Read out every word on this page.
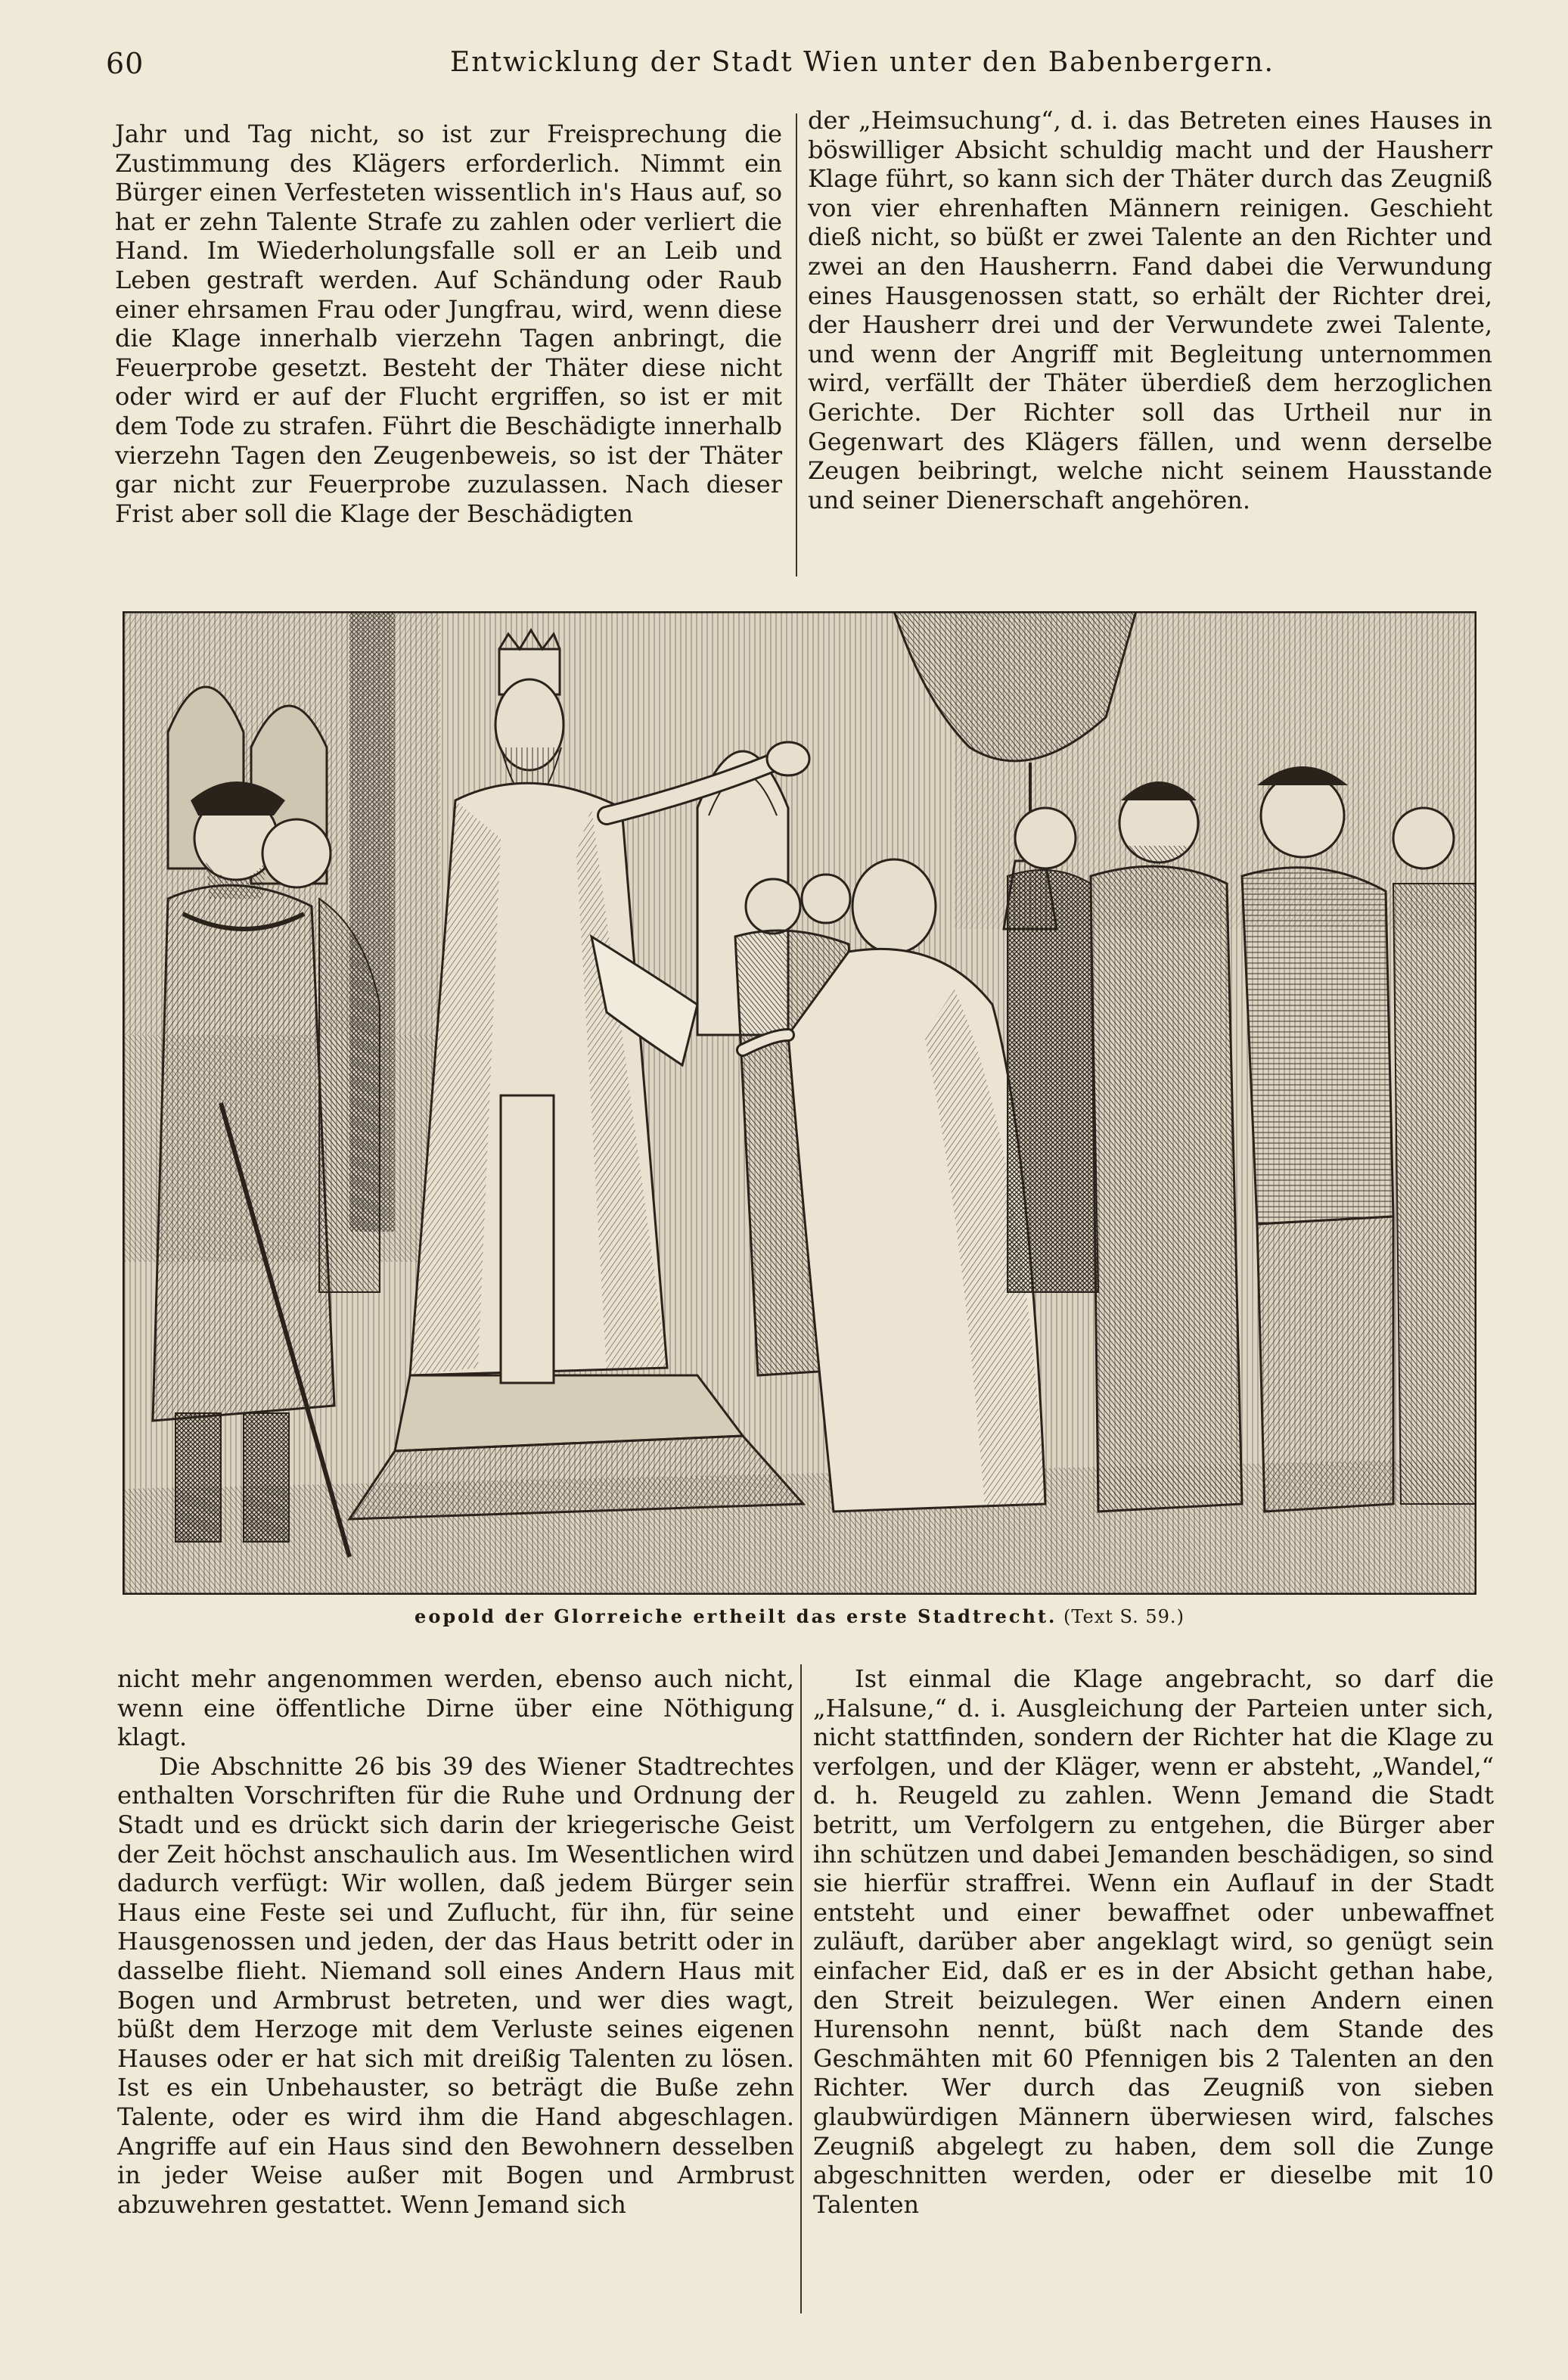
60	Entwicklung der Stadt Wien unter den Babenbergern.

Jahr und Tag nicht, so ist zur Freisprechung die Zustimmung des Klägers erforderlich. Nimmt ein Bürger einen Verfesteten wissentlich in's Haus auf, so hat er zehn Talente Strafe zu zahlen oder verliert die Hand. Im Wiederholungsfalle soll er an Leib und Leben gestraft werden. Auf Schändung oder Raub einer ehrsamen Frau oder Jungfrau, wird, wenn diese die Klage innerhalb vierzehn Tagen anbringt, die Feuerprobe gesetzt. Besteht der Thäter diese nicht oder wird er auf der Flucht ergriffen, so ist er mit dem Tode zu strafen. Führt die Beschädigte innerhalb vierzehn Tagen den Zeugenbeweis, so ist der Thäter gar nicht zur Feuerprobe zuzulassen. Nach dieser Frist aber soll die Klage der Beschädigten

der „Heimsuchung“, d. i. das Betreten eines Hauses in böswilliger Absicht schuldig macht und der Hausherr Klage führt, so kann sich der Thäter durch das Zeugniß von vier ehrenhaften Männern reinigen. Geschieht dieß nicht, so büßt er zwei Talente an den Richter und zwei an den Hausherrn. Fand dabei die Verwundung eines Hausgenossen statt, so erhält der Richter drei, der Hausherr drei und der Verwundete zwei Talente, und wenn der Angriff mit Begleitung unternommen wird, verfällt der Thäter überdieß dem herzoglichen Gerichte. Der Richter soll das Urtheil nur in Gegenwart des Klägers fällen, und wenn derselbe Zeugen beibringt, welche nicht seinem Hausstande und seiner Dienerschaft angehören.

eopold der Glorreiche ertheilt das erste Stadtrecht. (Text S. 59.)

nicht mehr angenommen werden, ebenso auch nicht, wenn eine öffentliche Dirne über eine Nöthigung klagt.

Die Abschnitte 26 bis 39 des Wiener Stadtrechtes enthalten Vorschriften für die Ruhe und Ordnung der Stadt und es drückt sich darin der kriegerische Geist der Zeit höchst anschaulich aus. Im Wesentlichen wird dadurch verfügt: Wir wollen, daß jedem Bürger sein Haus eine Feste sei und Zuflucht, für ihn, für seine Hausgenossen und jeden, der das Haus betritt oder in dasselbe flieht. Niemand soll eines Andern Haus mit Bogen und Armbrust betreten, und wer dies wagt, büßt dem Herzoge mit dem Verluste seines eigenen Hauses oder er hat sich mit dreißig Talenten zu lösen. Ist es ein Unbehauster, so beträgt die Buße zehn Talente, oder es wird ihm die Hand abgeschlagen. Angriffe auf ein Haus sind den Bewohnern desselben in jeder Weise außer mit Bogen und Armbrust abzuwehren gestattet. Wenn Jemand sich

Ist einmal die Klage angebracht, so darf die „Halsune,“ d. i. Ausgleichung der Parteien unter sich, nicht stattfinden, sondern der Richter hat die Klage zu verfolgen, und der Kläger, wenn er absteht, „Wandel,“ d. h. Reugeld zu zahlen. Wenn Jemand die Stadt betritt, um Verfolgern zu entgehen, die Bürger aber ihn schützen und dabei Jemanden beschädigen, so sind sie hierfür straffrei. Wenn ein Auflauf in der Stadt entsteht und einer bewaffnet oder unbewaffnet zuläuft, darüber aber angeklagt wird, so genügt sein einfacher Eid, daß er es in der Absicht gethan habe, den Streit beizulegen. Wer einen Andern einen Hurensohn nennt, büßt nach dem Stande des Geschmähten mit 60 Pfennigen bis 2 Talenten an den Richter. Wer durch das Zeugniß von sieben glaubwürdigen Männern überwiesen wird, falsches Zeugniß abgelegt zu haben, dem soll die Zunge abgeschnitten werden, oder er dieselbe mit 10 Talenten
